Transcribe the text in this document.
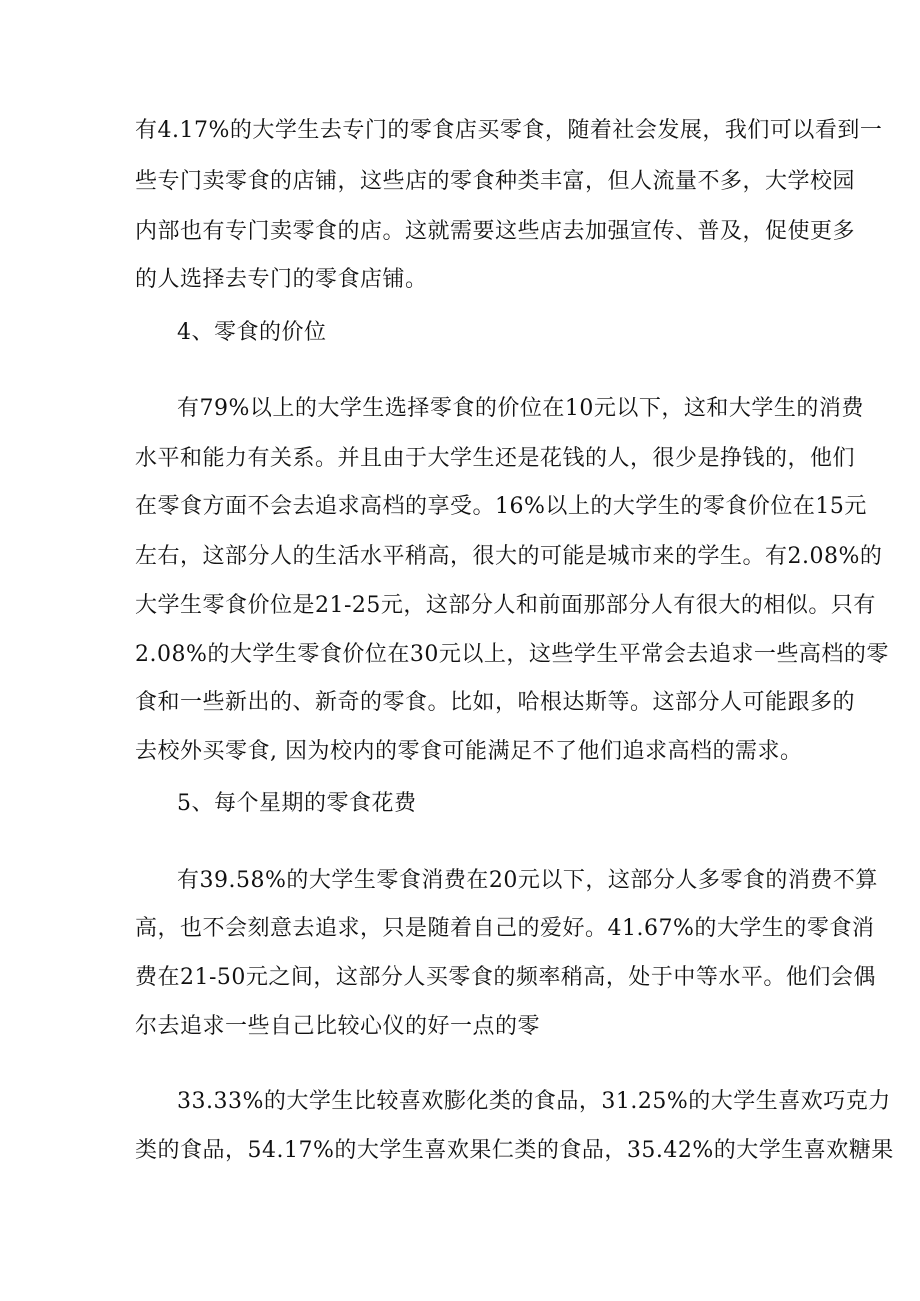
有4.17%的大学生去专门的零食店买零食，随着社会发展，我们可以看到一
些专门卖零食的店铺，这些店的零食种类丰富，但人流量不多，大学校园
内部也有专门卖零食的店。这就需要这些店去加强宣传、普及，促使更多
的人选择去专门的零食店铺。
4、零食的价位
有79%以上的大学生选择零食的价位在10元以下，这和大学生的消费
水平和能力有关系。并且由于大学生还是花钱的人，很少是挣钱的，他们
在零食方面不会去追求高档的享受。16%以上的大学生的零食价位在15元
左右，这部分人的生活水平稍高，很大的可能是城市来的学生。有2.08%的
大学生零食价位是21-25元，这部分人和前面那部分人有很大的相似。只有
2.08%的大学生零食价位在30元以上，这些学生平常会去追求一些高档的零
食和一些新出的、新奇的零食。比如，哈根达斯等。这部分人可能跟多的
去校外买零食, 因为校内的零食可能满足不了他们追求高档的需求。
5、每个星期的零食花费
有39.58%的大学生零食消费在20元以下，这部分人多零食的消费不算
高，也不会刻意去追求，只是随着自己的爱好。41.67%的大学生的零食消
费在21-50元之间，这部分人买零食的频率稍高，处于中等水平。他们会偶
尔去追求一些自己比较心仪的好一点的零
33.33%的大学生比较喜欢膨化类的食品，31.25%的大学生喜欢巧克力
类的食品，54.17%的大学生喜欢果仁类的食品，35.42%的大学生喜欢糖果
